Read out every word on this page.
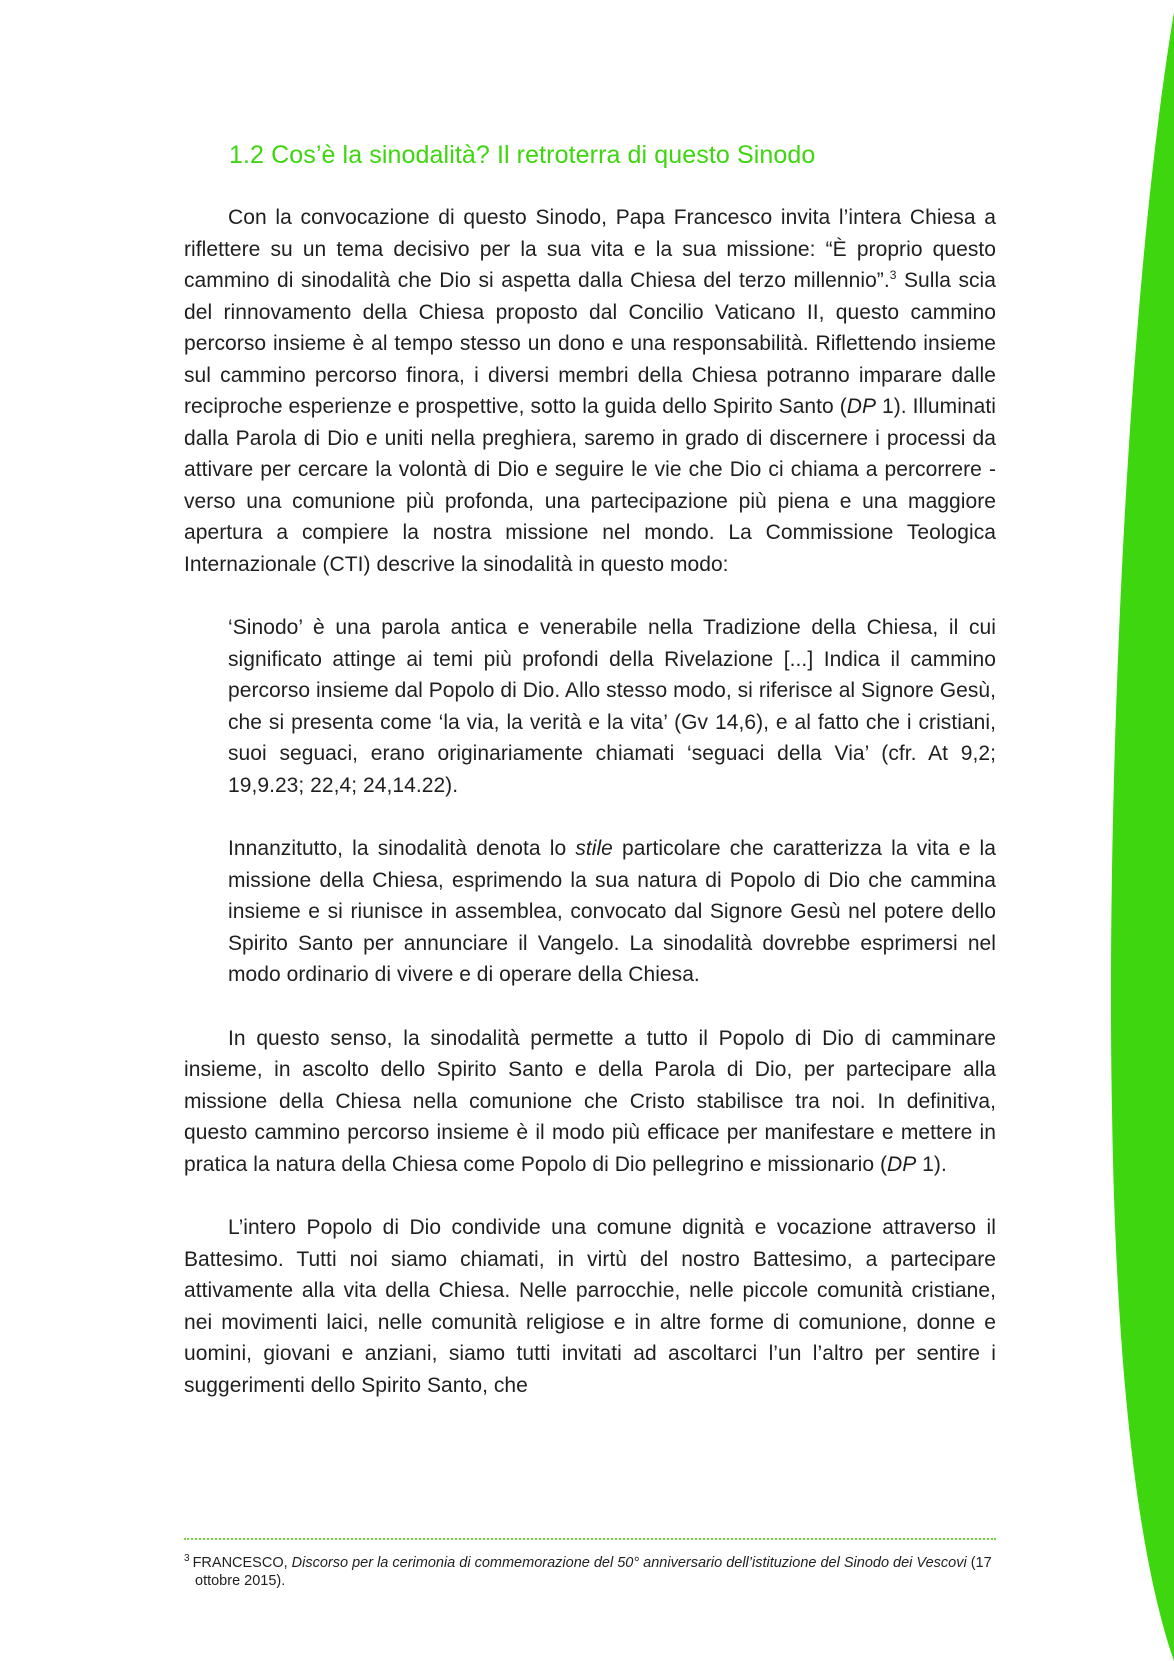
1.2 Cos’è la sinodalità? Il retroterra di questo Sinodo

Con la convocazione di questo Sinodo, Papa Francesco invita l’intera Chiesa a riflettere su un tema decisivo per la sua vita e la sua missione: “È proprio questo cammino di sinodalità che Dio si aspetta dalla Chiesa del terzo millennio”.$^3$ Sulla scia del rinnovamento della Chiesa proposto dal Concilio Vaticano II, questo cammino percorso insieme è al tempo stesso un dono e una responsabilità. Riflettendo insieme sul cammino percorso finora, i diversi membri della Chiesa potranno imparare dalle reciproche esperienze e prospettive, sotto la guida dello Spirito Santo (DP 1). Illuminati dalla Parola di Dio e uniti nella preghiera, saremo in grado di discernere i processi da attivare per cercare la volontà di Dio e seguire le vie che Dio ci chiama a percorrere - verso una comunione più profonda, una partecipazione più piena e una maggiore apertura a compiere la nostra missione nel mondo. La Commissione Teologica Internazionale (CTI) descrive la sinodalità in questo modo:

‘Sinodo’ è una parola antica e venerabile nella Tradizione della Chiesa, il cui significato attinge ai temi più profondi della Rivelazione [...] Indica il cammino percorso insieme dal Popolo di Dio. Allo stesso modo, si riferisce al Signore Gesù, che si presenta come ‘la via, la verità e la vita’ (Gv 14,6), e al fatto che i cristiani, suoi seguaci, erano originariamente chiamati ‘seguaci della Via’ (cfr. At 9,2; 19,9.23; 22,4; 24,14.22).

Innanzitutto, la sinodalità denota lo stile particolare che caratterizza la vita e la missione della Chiesa, esprimendo la sua natura di Popolo di Dio che cammina insieme e si riunisce in assemblea, convocato dal Signore Gesù nel potere dello Spirito Santo per annunciare il Vangelo. La sinodalità dovrebbe esprimersi nel modo ordinario di vivere e di operare della Chiesa.

In questo senso, la sinodalità permette a tutto il Popolo di Dio di camminare insieme, in ascolto dello Spirito Santo e della Parola di Dio, per partecipare alla missione della Chiesa nella comunione che Cristo stabilisce tra noi. In definitiva, questo cammino percorso insieme è il modo più efficace per manifestare e mettere in pratica la natura della Chiesa come Popolo di Dio pellegrino e missionario (DP 1).

L’intero Popolo di Dio condivide una comune dignità e vocazione attraverso il Battesimo. Tutti noi siamo chiamati, in virtù del nostro Battesimo, a partecipare attivamente alla vita della Chiesa. Nelle parrocchie, nelle piccole comunità cristiane, nei movimenti laici, nelle comunità religiose e in altre forme di comunione, donne e uomini, giovani e anziani, siamo tutti invitati ad ascoltarci l’un l’altro per sentire i suggerimenti dello Spirito Santo, che

$^3$ FRANCESCO, Discorso per la cerimonia di commemorazione del 50° anniversario dell’istituzione del Sinodo dei Vescovi (17 ottobre 2015).
